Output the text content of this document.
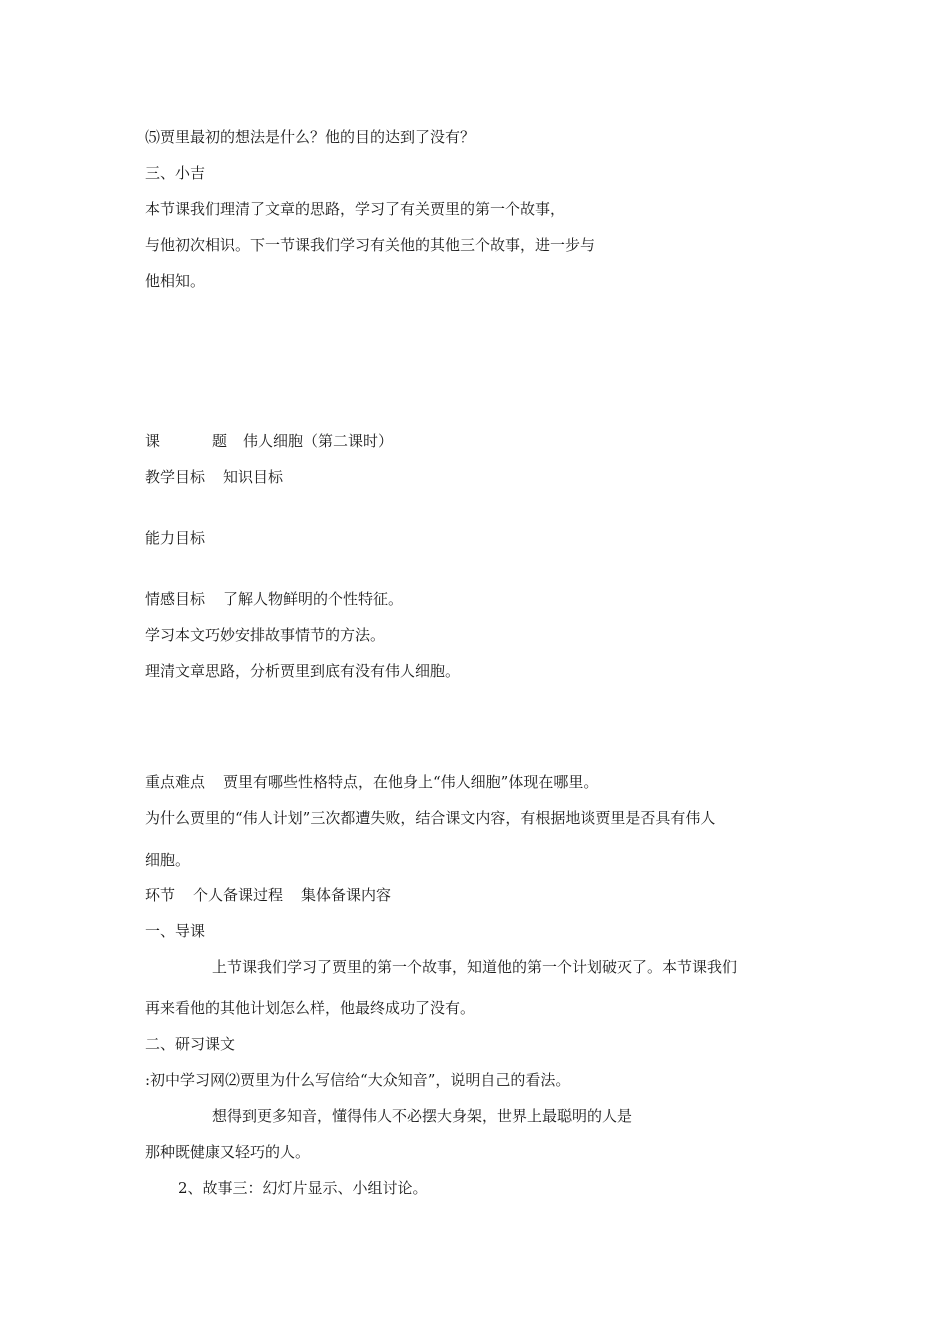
⑸贾里最初的想法是什么？他的目的达到了没有？
三、小吉
本节课我们理清了文章的思路，学习了有关贾里的第一个故事，
与他初次相识。下一节课我们学习有关他的其他三个故事，进一步与
他相知。
课	题 伟人细胞（第二课时）
教学目标 知识目标
能力目标
情感目标 了解人物鲜明的个性特征。
学习本文巧妙安排故事情节的方法。
理清文章思路，分析贾里到底有没有伟人细胞。
重点难点 贾里有哪些性格特点，在他身上“伟人细胞”体现在哪里。
为什么贾里的“伟人计划”三次都遭失败，结合课文内容，有根据地谈贾里是否具有伟人
细胞。
环节 个人备课过程 集体备课内容
一、导课
上节课我们学习了贾里的第一个故事，知道他的第一个计划破灭了。本节课我们
再来看他的其他计划怎么样，他最终成功了没有。
二、研习课文
:初中学习网⑵贾里为什么写信给“大众知音”，说明自己的看法。
想得到更多知音，懂得伟人不必摆大身架，世界上最聪明的人是
那种既健康又轻巧的人。
2、故事三：幻灯片显示、小组讨论。
